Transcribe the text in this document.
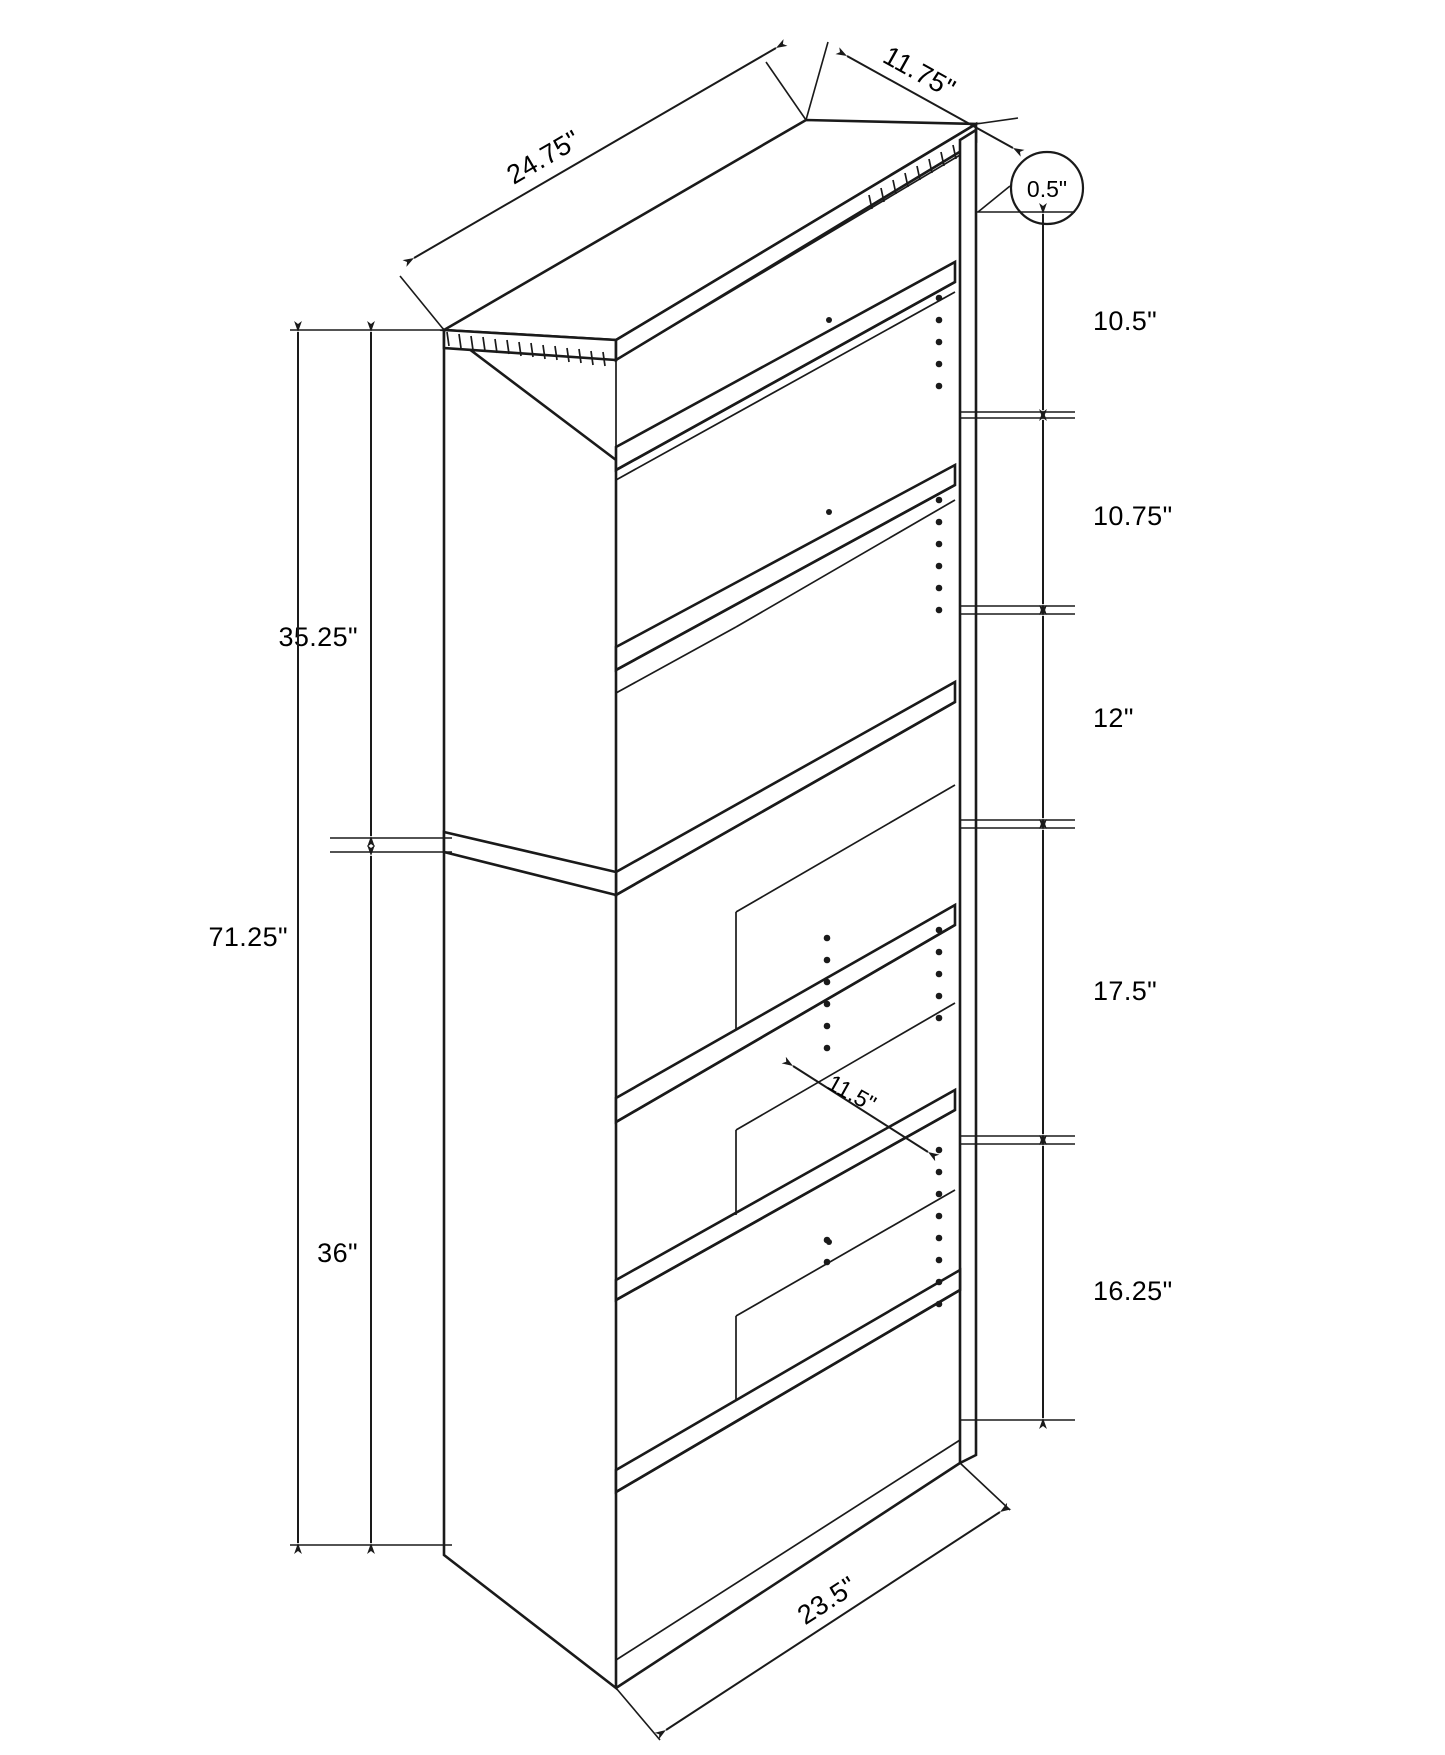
24.75"
11.75"
0.5"
10.5"
10.75"
12"
17.5"
16.25"
35.25"
36"
71.25"
11.5"
23.5"
